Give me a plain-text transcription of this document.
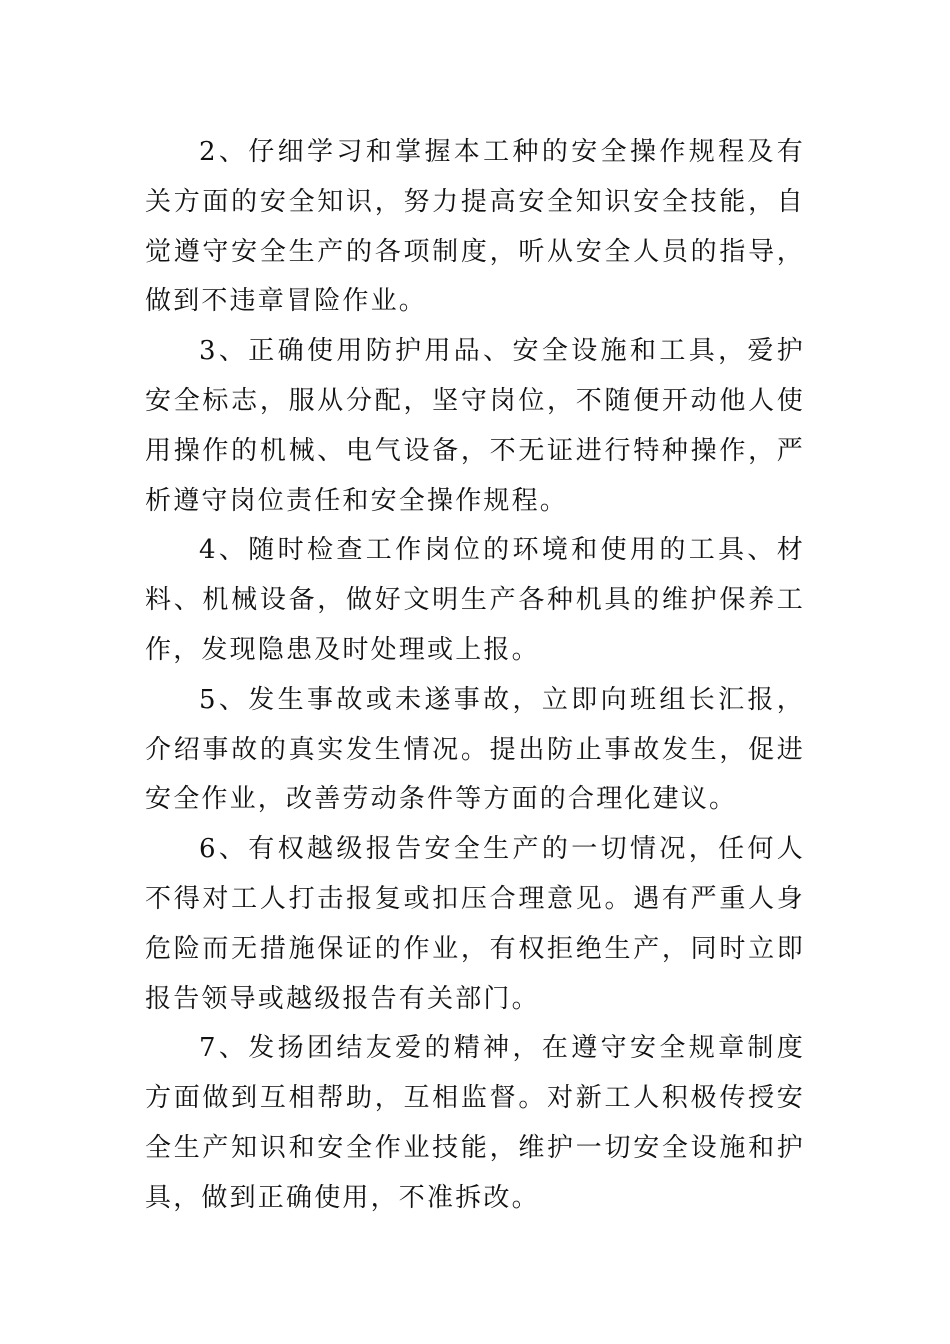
2、仔细学习和掌握本工种的安全操作规程及有关方面的安全知识，努力提高安全知识安全技能，自觉遵守安全生产的各项制度，听从安全人员的指导，做到不违章冒险作业。

3、正确使用防护用品、安全设施和工具，爱护安全标志，服从分配，坚守岗位，不随便开动他人使用操作的机械、电气设备，不无证进行特种操作，严析遵守岗位责任和安全操作规程。

4、随时检查工作岗位的环境和使用的工具、材料、机械设备，做好文明生产各种机具的维护保养工作，发现隐患及时处理或上报。

5、发生事故或未遂事故，立即向班组长汇报，介绍事故的真实发生情况。提出防止事故发生，促进安全作业，改善劳动条件等方面的合理化建议。

6、有权越级报告安全生产的一切情况，任何人不得对工人打击报复或扣压合理意见。遇有严重人身危险而无措施保证的作业，有权拒绝生产，同时立即报告领导或越级报告有关部门。

7、发扬团结友爱的精神，在遵守安全规章制度方面做到互相帮助，互相监督。对新工人积极传授安全生产知识和安全作业技能，维护一切安全设施和护具，做到正确使用，不准拆改。
